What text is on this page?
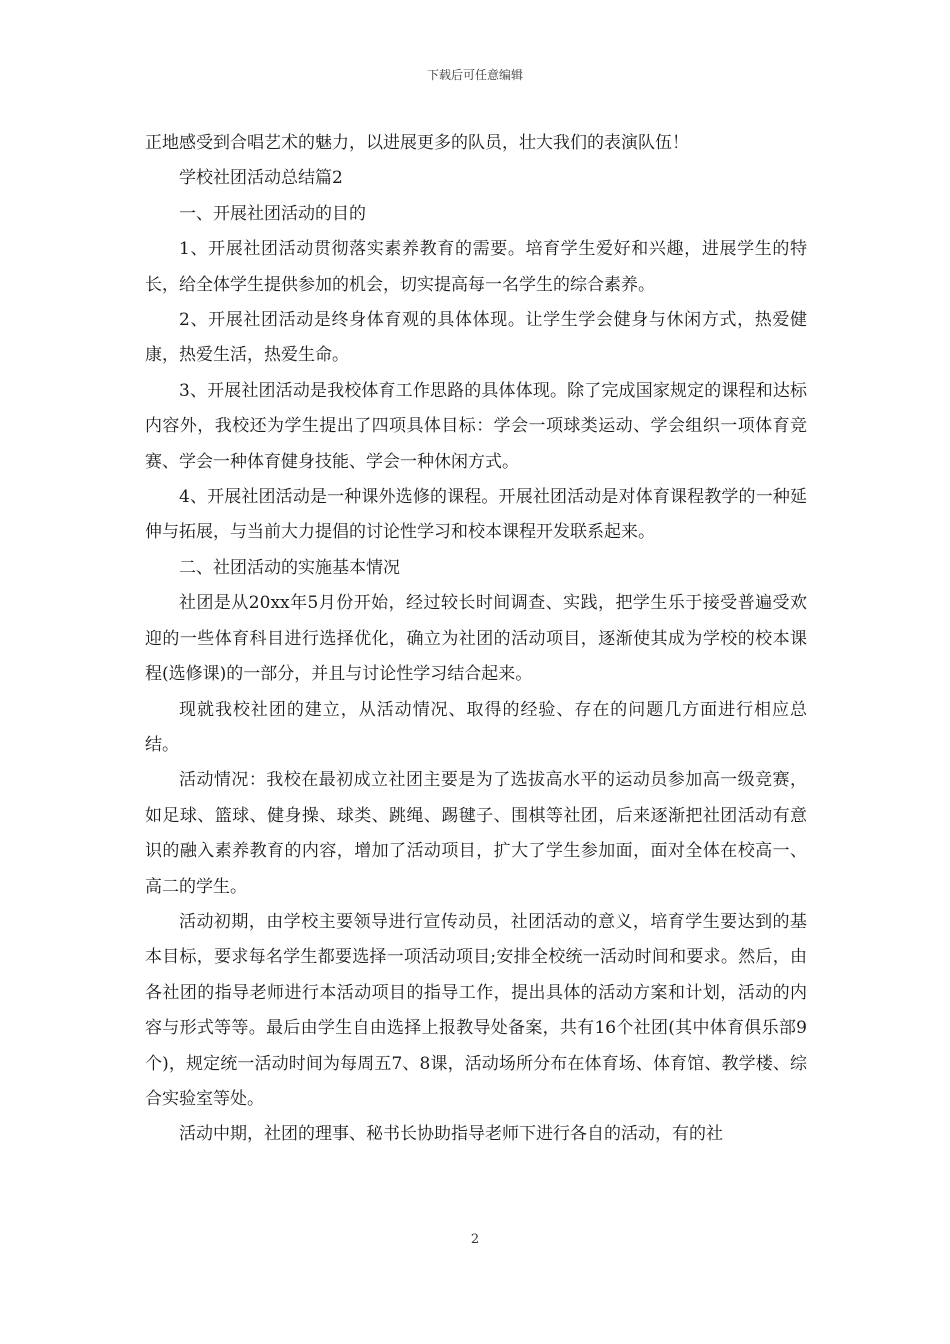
下载后可任意编辑

正地感受到合唱艺术的魅力，以进展更多的队员，壮大我们的表演队伍！

学校社团活动总结篇2

一、开展社团活动的目的

1、开展社团活动贯彻落实素养教育的需要。培育学生爱好和兴趣，进展学生的特长，给全体学生提供参加的机会，切实提高每一名学生的综合素养。

2、开展社团活动是终身体育观的具体体现。让学生学会健身与休闲方式，热爱健康，热爱生活，热爱生命。

3、开展社团活动是我校体育工作思路的具体体现。除了完成国家规定的课程和达标内容外，我校还为学生提出了四项具体目标：学会一项球类运动、学会组织一项体育竞赛、学会一种体育健身技能、学会一种休闲方式。

4、开展社团活动是一种课外选修的课程。开展社团活动是对体育课程教学的一种延伸与拓展，与当前大力提倡的讨论性学习和校本课程开发联系起来。

二、社团活动的实施基本情况

社团是从20xx年5月份开始，经过较长时间调查、实践，把学生乐于接受普遍受欢迎的一些体育科目进行选择优化，确立为社团的活动项目，逐渐使其成为学校的校本课程(选修课)的一部分，并且与讨论性学习结合起来。

现就我校社团的建立，从活动情况、取得的经验、存在的问题几方面进行相应总结。

活动情况：我校在最初成立社团主要是为了选拔高水平的运动员参加高一级竞赛，如足球、篮球、健身操、球类、跳绳、踢毽子、围棋等社团，后来逐渐把社团活动有意识的融入素养教育的内容，增加了活动项目，扩大了学生参加面，面对全体在校高一、高二的学生。

活动初期，由学校主要领导进行宣传动员，社团活动的意义，培育学生要达到的基本目标，要求每名学生都要选择一项活动项目;安排全校统一活动时间和要求。然后，由各社团的指导老师进行本活动项目的指导工作，提出具体的活动方案和计划，活动的内容与形式等等。最后由学生自由选择上报教导处备案，共有16个社团(其中体育俱乐部9个)，规定统一活动时间为每周五7、8课，活动场所分布在体育场、体育馆、教学楼、综合实验室等处。

活动中期，社团的理事、秘书长协助指导老师下进行各自的活动，有的社

2
